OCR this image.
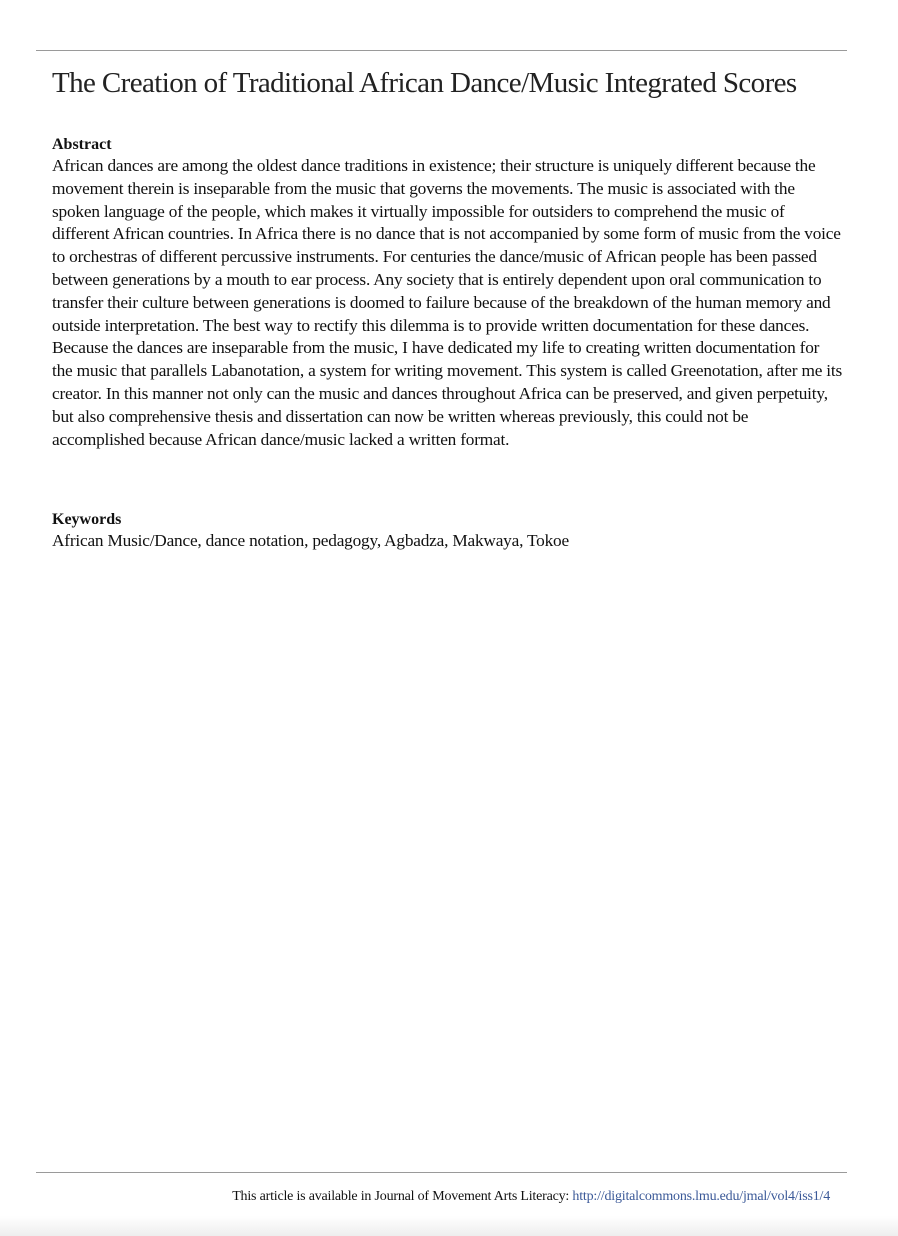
The Creation of Traditional African Dance/Music Integrated Scores
Abstract

African dances are among the oldest dance traditions in existence; their structure is uniquely different because the movement therein is inseparable from the music that governs the movements. The music is associated with the spoken language of the people, which makes it virtually impossible for outsiders to comprehend the music of different African countries. In Africa there is no dance that is not accompanied by some form of music from the voice to orchestras of different percussive instruments. For centuries the dance/music of African people has been passed between generations by a mouth to ear process. Any society that is entirely dependent upon oral communication to transfer their culture between generations is doomed to failure because of the breakdown of the human memory and outside interpretation. The best way to rectify this dilemma is to provide written documentation for these dances. Because the dances are inseparable from the music, I have dedicated my life to creating written documentation for the music that parallels Labanotation, a system for writing movement. This system is called Greenotation, after me its creator. In this manner not only can the music and dances throughout Africa can be preserved, and given perpetuity, but also comprehensive thesis and dissertation can now be written whereas previously, this could not be accomplished because African dance/music lacked a written format.

Keywords

African Music/Dance, dance notation, pedagogy, Agbadza, Makwaya, Tokoe

This article is available in Journal of Movement Arts Literacy: http://digitalcommons.lmu.edu/jmal/vol4/iss1/4
